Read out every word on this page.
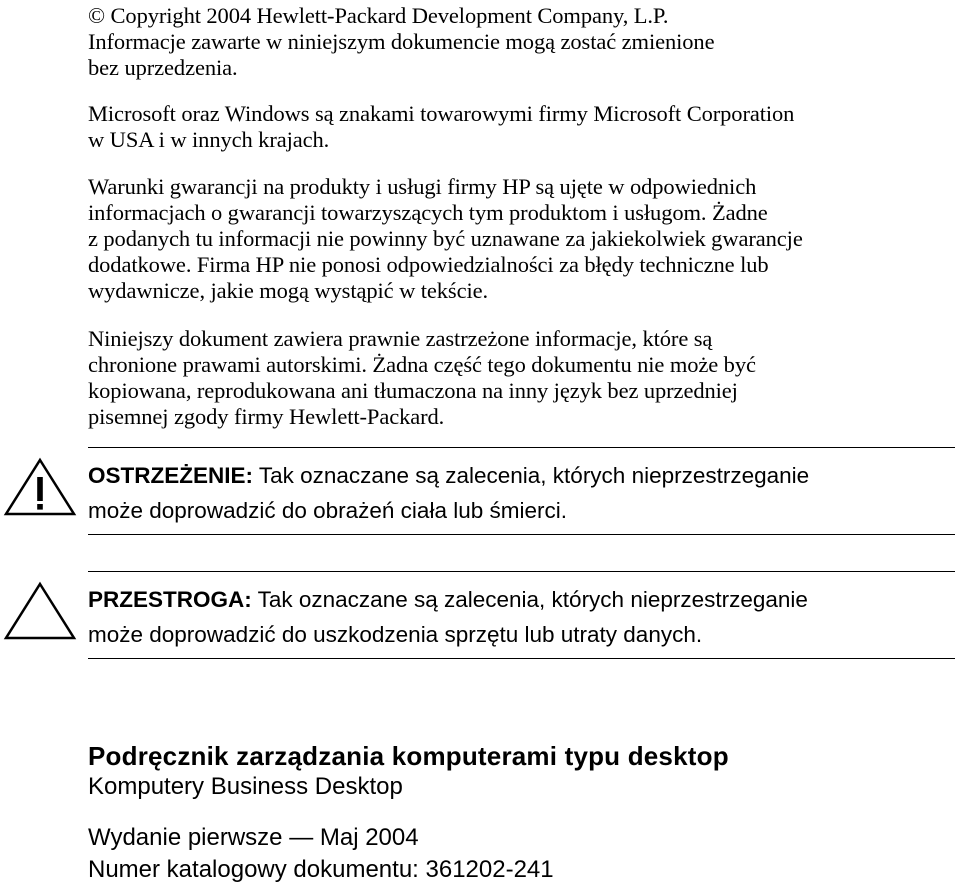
© Copyright 2004 Hewlett-Packard Development Company, L.P.
Informacje zawarte w niniejszym dokumencie mogą zostać zmienione
bez uprzedzenia.
Microsoft oraz Windows są znakami towarowymi firmy Microsoft Corporation
w USA i w innych krajach.
Warunki gwarancji na produkty i usługi firmy HP są ujęte w odpowiednich
informacjach o gwarancji towarzyszących tym produktom i usługom. Żadne
z podanych tu informacji nie powinny być uznawane za jakiekolwiek gwarancje
dodatkowe. Firma HP nie ponosi odpowiedzialności za błędy techniczne lub
wydawnicze, jakie mogą wystąpić w tekście.
Niniejszy dokument zawiera prawnie zastrzeżone informacje, które są
chronione prawami autorskimi. Żadna część tego dokumentu nie może być
kopiowana, reprodukowana ani tłumaczona na inny język bez uprzedniej
pisemnej zgody firmy Hewlett-Packard.
OSTRZEŻENIE: Tak oznaczane są zalecenia, których nieprzestrzeganie
może doprowadzić do obrażeń ciała lub śmierci.
PRZESTROGA: Tak oznaczane są zalecenia, których nieprzestrzeganie
może doprowadzić do uszkodzenia sprzętu lub utraty danych.
Podręcznik zarządzania komputerami typu desktop
Komputery Business Desktop
Wydanie pierwsze — Maj 2004
Numer katalogowy dokumentu: 361202-241
